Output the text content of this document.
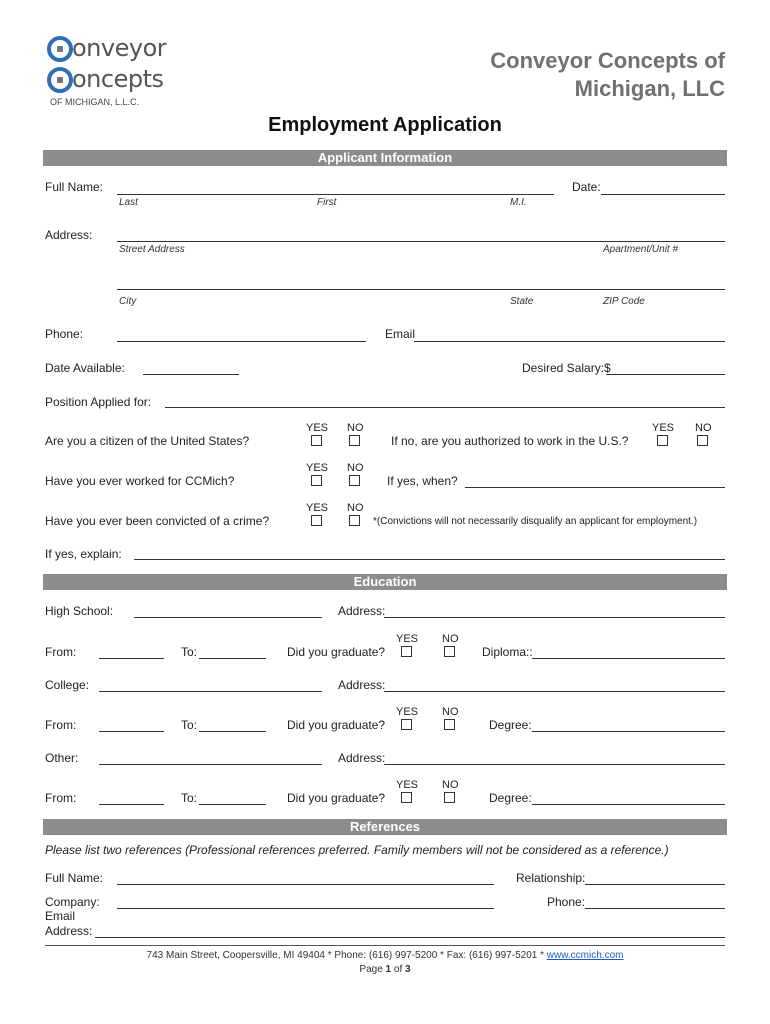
onveyor
oncepts
OF MICHIGAN, L.L.C.
Conveyor Concepts of
Michigan, LLC
Employment Application
Applicant Information
Full Name:	Date:
Last	First	M.I.
Address:
Street Address	Apartment/Unit #
City	State	ZIP Code
Phone:	Email
Date Available:	Desired Salary:$
Position Applied for:
YES NO
Are you a citizen of the United States?	If no, are you authorized to work in the U.S.?
YES NO
YES NO
Have you ever worked for CCMich?	If yes, when?
YES NO
Have you ever been convicted of a crime?	*(Convictions will not necessarily disqualify an applicant for employment.)
If yes, explain:
Education
High School:	Address:
YES NO
From:	To:	Did you graduate?	Diploma::
College:	Address:
YES NO
From:	To:	Did you graduate?	Degree:
Other:	Address:
YES NO
From:	To:	Did you graduate?	Degree:
References
Please list two references (Professional references preferred. Family members will not be considered as a reference.)
Full Name:	Relationship:
Company:	Phone:
Email
Address:
743 Main Street, Coopersville, MI 49404 * Phone: (616) 997-5200 * Fax: (616) 997-5201 * www.ccmich.com
Page 1 of 3
